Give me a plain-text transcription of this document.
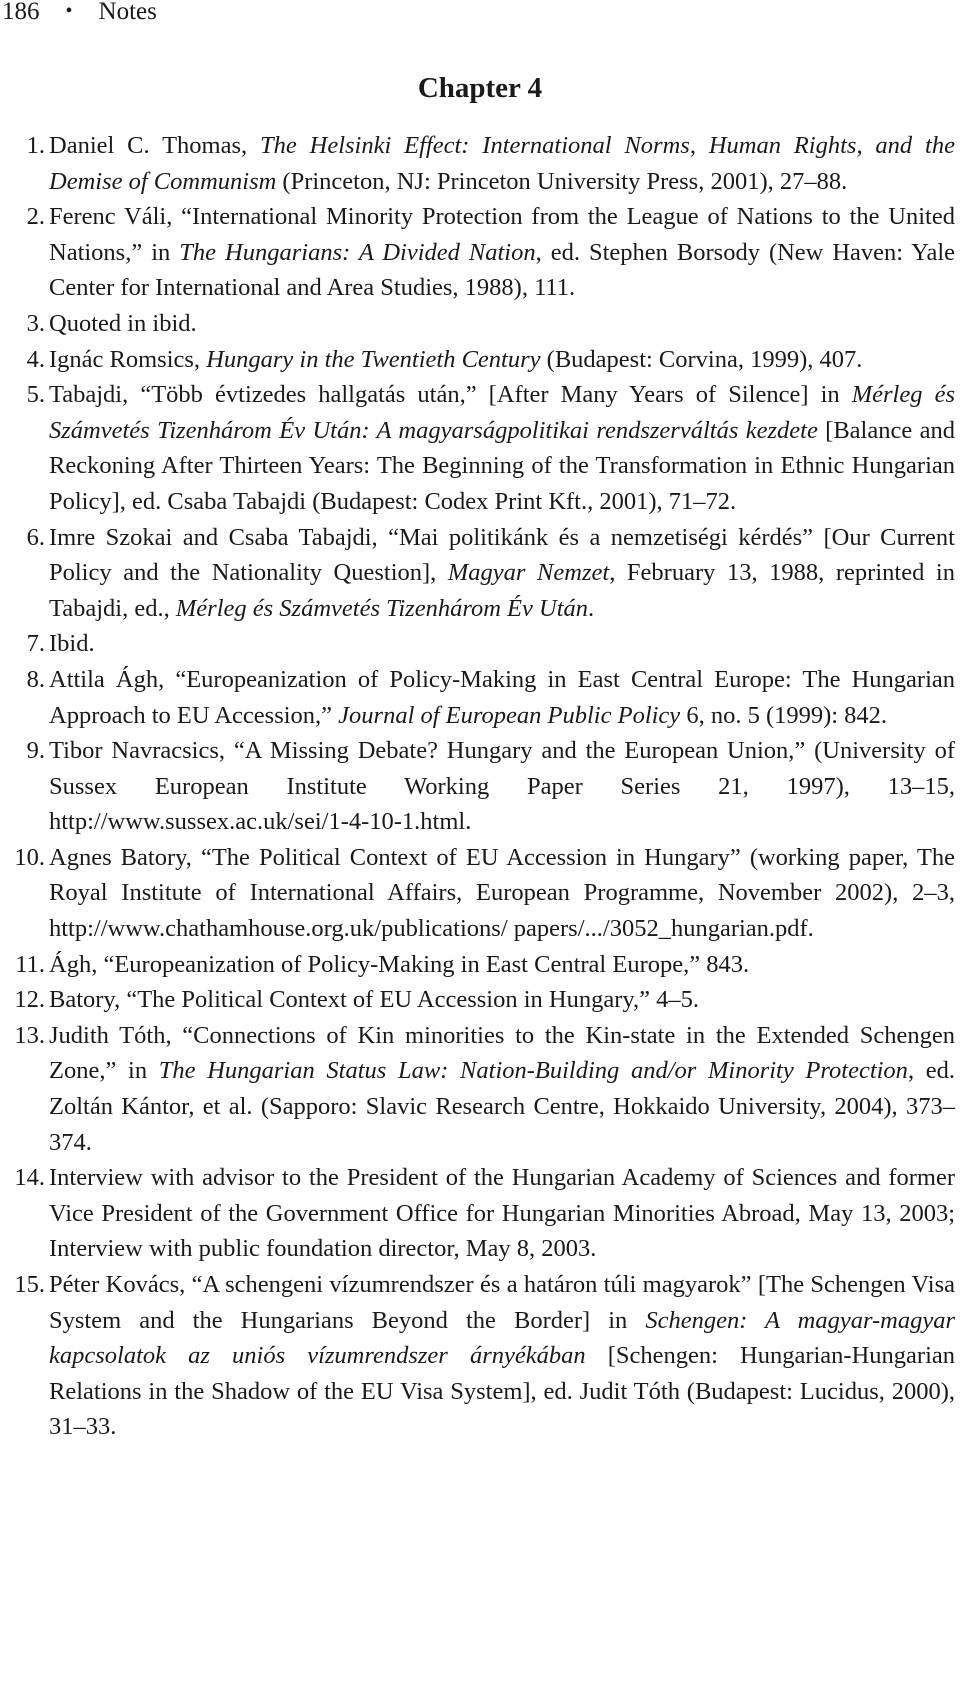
186 • Notes
Chapter 4
1. Daniel C. Thomas, The Helsinki Effect: International Norms, Human Rights, and the Demise of Communism (Princeton, NJ: Princeton University Press, 2001), 27–88.
2. Ferenc Váli, “International Minority Protection from the League of Nations to the United Nations,” in The Hungarians: A Divided Nation, ed. Stephen Borsody (New Haven: Yale Center for International and Area Studies, 1988), 111.
3. Quoted in ibid.
4. Ignác Romsics, Hungary in the Twentieth Century (Budapest: Corvina, 1999), 407.
5. Tabajdi, “Több évtizedes hallgatás után,” [After Many Years of Silence] in Mérleg és Számvetés Tizenhárom Év Után: A magyarságpolitikai rendszerváltás kezdete [Balance and Reckoning After Thirteen Years: The Beginning of the Transformation in Ethnic Hungarian Policy], ed. Csaba Tabajdi (Budapest: Codex Print Kft., 2001), 71–72.
6. Imre Szokai and Csaba Tabajdi, “Mai politikánk és a nemzetiségi kérdés” [Our Current Policy and the Nationality Question], Magyar Nemzet, February 13, 1988, reprinted in Tabajdi, ed., Mérleg és Számvetés Tizenhárom Év Után.
7. Ibid.
8. Attila Ágh, “Europeanization of Policy-Making in East Central Europe: The Hungarian Approach to EU Accession,” Journal of European Public Policy 6, no. 5 (1999): 842.
9. Tibor Navracsics, “A Missing Debate? Hungary and the European Union,” (University of Sussex European Institute Working Paper Series 21, 1997), 13–15, http://www.sussex.ac.uk/sei/1-4-10-1.html.
10. Agnes Batory, “The Political Context of EU Accession in Hungary” (working paper, The Royal Institute of International Affairs, European Programme, November 2002), 2–3, http://www.chathamhouse.org.uk/publications/ papers/.../3052_hungarian.pdf.
11. Ágh, “Europeanization of Policy-Making in East Central Europe,” 843.
12. Batory, “The Political Context of EU Accession in Hungary,” 4–5.
13. Judith Tóth, “Connections of Kin minorities to the Kin-state in the Extended Schengen Zone,” in The Hungarian Status Law: Nation-Building and/or Minority Protection, ed. Zoltán Kántor, et al. (Sapporo: Slavic Research Centre, Hokkaido University, 2004), 373–374.
14. Interview with advisor to the President of the Hungarian Academy of Sciences and former Vice President of the Government Office for Hungarian Minorities Abroad, May 13, 2003; Interview with public foundation director, May 8, 2003.
15. Péter Kovács, “A schengeni vízumrendszer és a határon túli magyarok” [The Schengen Visa System and the Hungarians Beyond the Border] in Schengen: A magyar-magyar kapcsolatok az uniós vízumrendszer árnyékában [Schengen: Hungarian-Hungarian Relations in the Shadow of the EU Visa System], ed. Judit Tóth (Budapest: Lucidus, 2000), 31–33.
